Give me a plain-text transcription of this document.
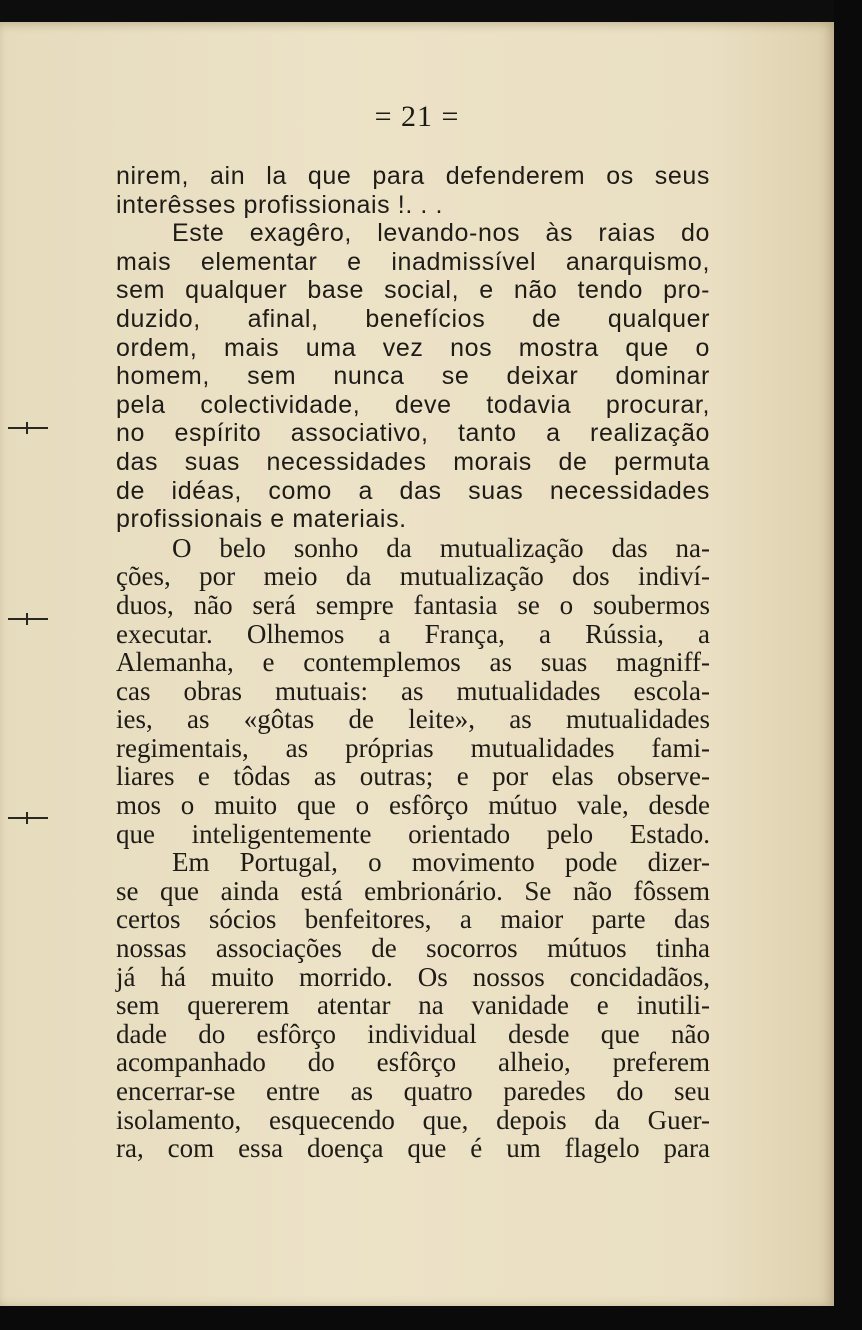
= 21 =
nirem, ain la que para defenderem os seus
interêsses profissionais !. . .
Este exagêro, levando-nos às raias do
mais elementar e inadmissível anarquismo,
sem qualquer base social, e não tendo pro-
duzido, afinal, benefícios de qualquer
ordem, mais uma vez nos mostra que o
homem, sem nunca se deixar dominar
pela colectividade, deve todavia procurar,
no espírito associativo, tanto a realização
das suas necessidades morais de permuta
de idéas, como a das suas necessidades
profissionais e materiais.
O belo sonho da mutualização das na-
ções, por meio da mutualização dos indiví-
duos, não será sempre fantasia se o soubermos
executar. Olhemos a França, a Rússia, a
Alemanha, e contemplemos as suas magniff-
cas obras mutuais: as mutualidades escola-
ies, as «gôtas de leite», as mutualidades
regimentais, as próprias mutualidades fami-
liares e tôdas as outras; e por elas observe-
mos o muito que o esfôrço mútuo vale, desde
que inteligentemente orientado pelo Estado.
Em Portugal, o movimento pode dizer-
se que ainda está embrionário. Se não fôssem
certos sócios benfeitores, a maior parte das
nossas associações de socorros mútuos tinha
já há muito morrido. Os nossos concidadãos,
sem quererem atentar na vanidade e inutili-
dade do esfôrço individual desde que não
acompanhado do esfôrço alheio, preferem
encerrar-se entre as quatro paredes do seu
isolamento, esquecendo que, depois da Guer-
ra, com essa doença que é um flagelo para
